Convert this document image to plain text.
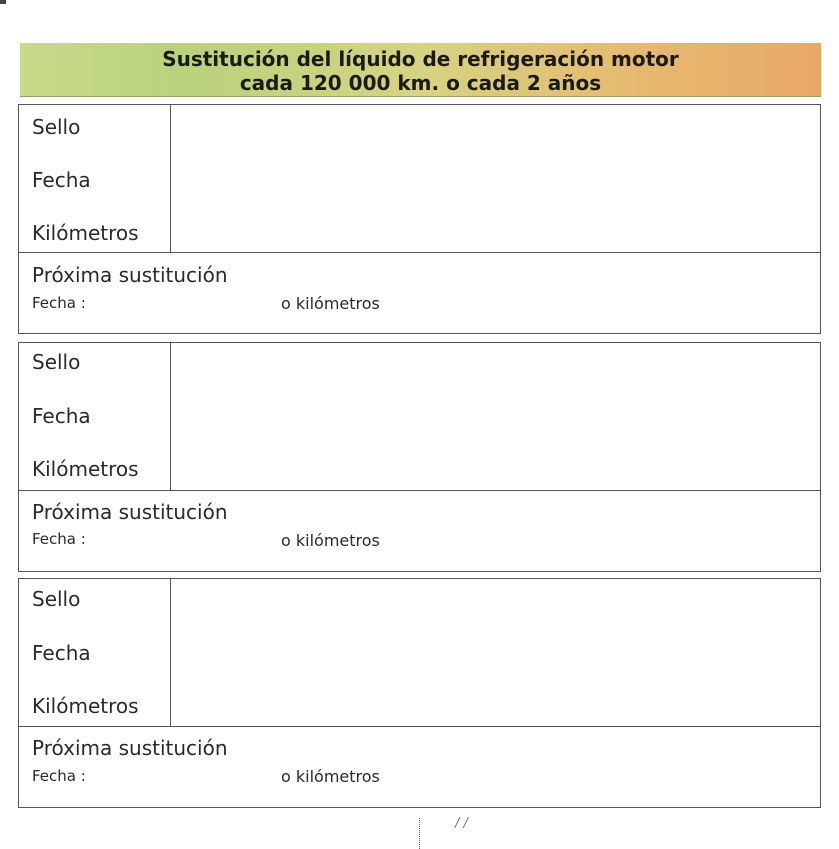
Sustitución del líquido de refrigeración motor
cada 120 000 km. o cada 2 años
Sello
Fecha
Kilómetros
Próxima sustitución
Fecha :	o kilómetros
Sello
Fecha
Kilómetros
Próxima sustitución
Fecha :	o kilómetros
Sello
Fecha
Kilómetros
Próxima sustitución
Fecha :	o kilómetros
/ /
